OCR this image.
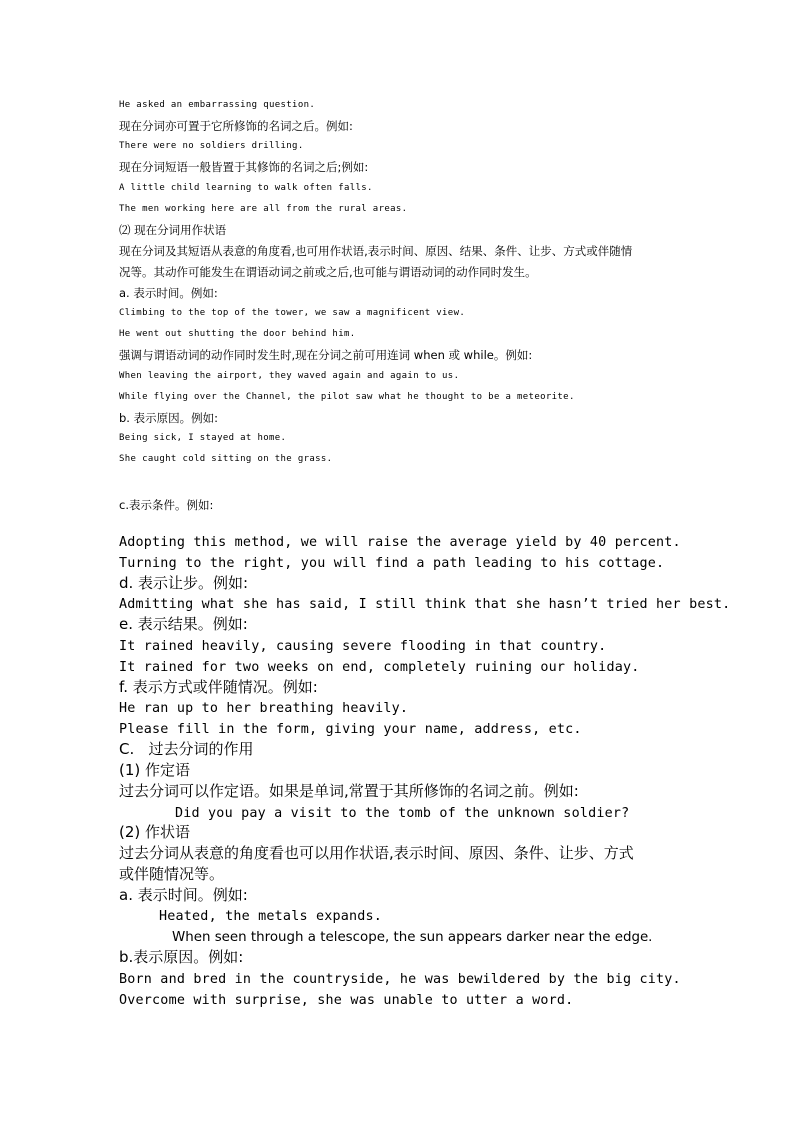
He asked an embarrassing question.
现在分词亦可置于它所修饰的名词之后。例如:
There were no soldiers drilling.
现在分词短语一般皆置于其修饰的名词之后;例如:
A little child learning to walk often falls.
The men working here are all from the rural areas.
⑵ 现在分词用作状语
现在分词及其短语从表意的角度看,也可用作状语,表示时间、原因、结果、条件、让步、方式或伴随情
况等。其动作可能发生在谓语动词之前或之后,也可能与谓语动词的动作同时发生。
a. 表示时间。例如:
Climbing to the top of the tower, we saw a magnificent view.
He went out shutting the door behind him.
强调与谓语动词的动作同时发生时,现在分词之前可用连词 when 或 while。例如:
When leaving the airport, they waved again and again to us.
While flying over the Channel, the pilot saw what he thought to be a meteorite.
b. 表示原因。例如:
Being sick, I stayed at home.
She caught cold sitting on the grass.
c.表示条件。例如:
Adopting this method, we will raise the average yield by 40 percent.
Turning to the right, you will find a path leading to his cottage.
d. 表示让步。例如:
Admitting what she has said, I still think that she hasn’t tried her best.
e. 表示结果。例如:
It rained heavily, causing severe flooding in that country.
It rained for two weeks on end, completely ruining our holiday.
f. 表示方式或伴随情况。例如:
He ran up to her breathing heavily.
Please fill in the form, giving your name, address, etc.
C.   过去分词的作用
(1) 作定语
过去分词可以作定语。如果是单词,常置于其所修饰的名词之前。例如:
Did you pay a visit to the tomb of the unknown soldier?
(2) 作状语
过去分词从表意的角度看也可以用作状语,表示时间、原因、条件、让步、方式
或伴随情况等。
a. 表示时间。例如:
Heated, the metals expands.
When seen through a telescope, the sun appears darker near the edge.
b.表示原因。例如:
Born and bred in the countryside, he was bewildered by the big city.
Overcome with surprise, she was unable to utter a word.
